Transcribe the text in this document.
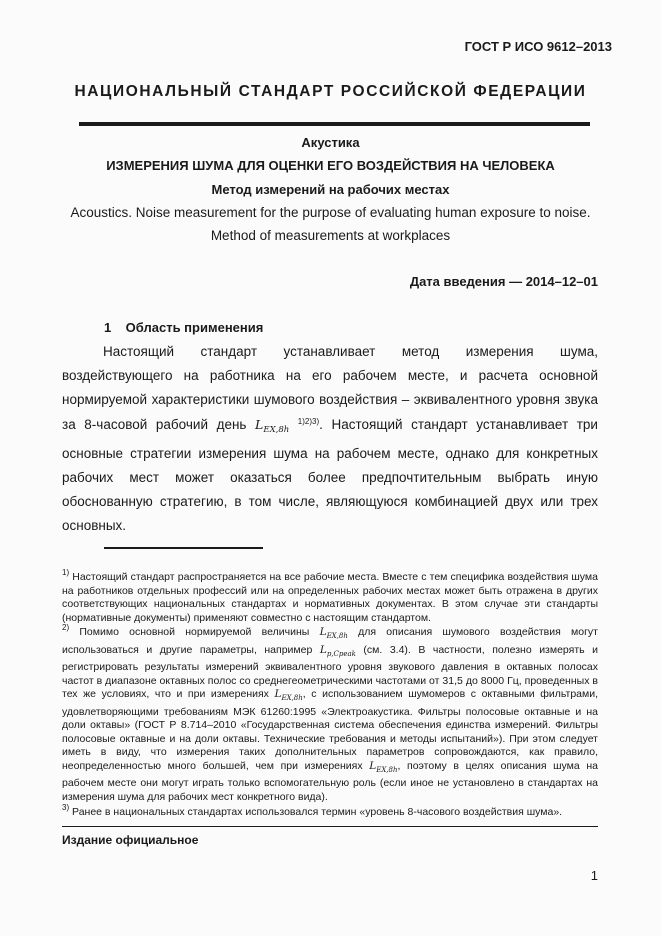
ГОСТ Р ИСО 9612–2013
НАЦИОНАЛЬНЫЙ СТАНДАРТ РОССИЙСКОЙ ФЕДЕРАЦИИ
Акустика
ИЗМЕРЕНИЯ ШУМА ДЛЯ ОЦЕНКИ ЕГО ВОЗДЕЙСТВИЯ НА ЧЕЛОВЕКА
Метод измерений на рабочих местах
Acoustics. Noise measurement for the purpose of evaluating human exposure to noise.
Method of measurements at workplaces
Дата введения — 2014–12–01
1    Область применения
Настоящий стандарт устанавливает метод измерения шума, воздействующего на работника на его рабочем месте, и расчета основной нормируемой характеристики шумового воздействия – эквивалентного уровня звука за 8-часовой рабочий день $L_{EX,8h}$ $^{1)2)3)}$. Настоящий стандарт устанавливает три основные стратегии измерения шума на рабочем месте, однако для конкретных рабочих мест может оказаться более предпочтительным выбрать иную обоснованную стратегию, в том числе, являющуюся комбинацией двух или трех основных.
$^{1)}$ Настоящий стандарт распространяется на все рабочие места. Вместе с тем специфика воздействия шума на работников отдельных профессий или на определенных рабочих местах может быть отражена в других соответствующих национальных стандартах и нормативных документах. В этом случае эти стандарты (нормативные документы) применяют совместно с настоящим стандартом.
$^{2)}$ Помимо основной нормируемой величины $L_{EX,8h}$ для описания шумового воздействия могут использоваться и другие параметры, например $L_{p,Cpeak}$ (см. 3.4). В частности, полезно измерять и регистрировать результаты измерений эквивалентного уровня звукового давления в октавных полосах частот в диапазоне октавных полос со среднегеометрическими частотами от 31,5 до 8000 Гц, проведенных в тех же условиях, что и при измерениях $L_{EX,8h}$, с использованием шумомеров с октавными фильтрами, удовлетворяющими требованиям МЭК 61260:1995 «Электроакустика. Фильтры полосовые октавные и на доли октавы» (ГОСТ Р 8.714–2010 «Государственная система обеспечения единства измерений. Фильтры полосовые октавные и на доли октавы. Технические требования и методы испытаний»). При этом следует иметь в виду, что измерения таких дополнительных параметров сопровождаются, как правило, неопределенностью много большей, чем при измерениях $L_{EX,8h}$, поэтому в целях описания шума на рабочем месте они могут играть только вспомогательную роль (если иное не установлено в стандартах на измерения шума для рабочих мест конкретного вида).
$^{3)}$ Ранее в национальных стандартах использовался термин «уровень 8-часового воздействия шума».
Издание официальное
1
